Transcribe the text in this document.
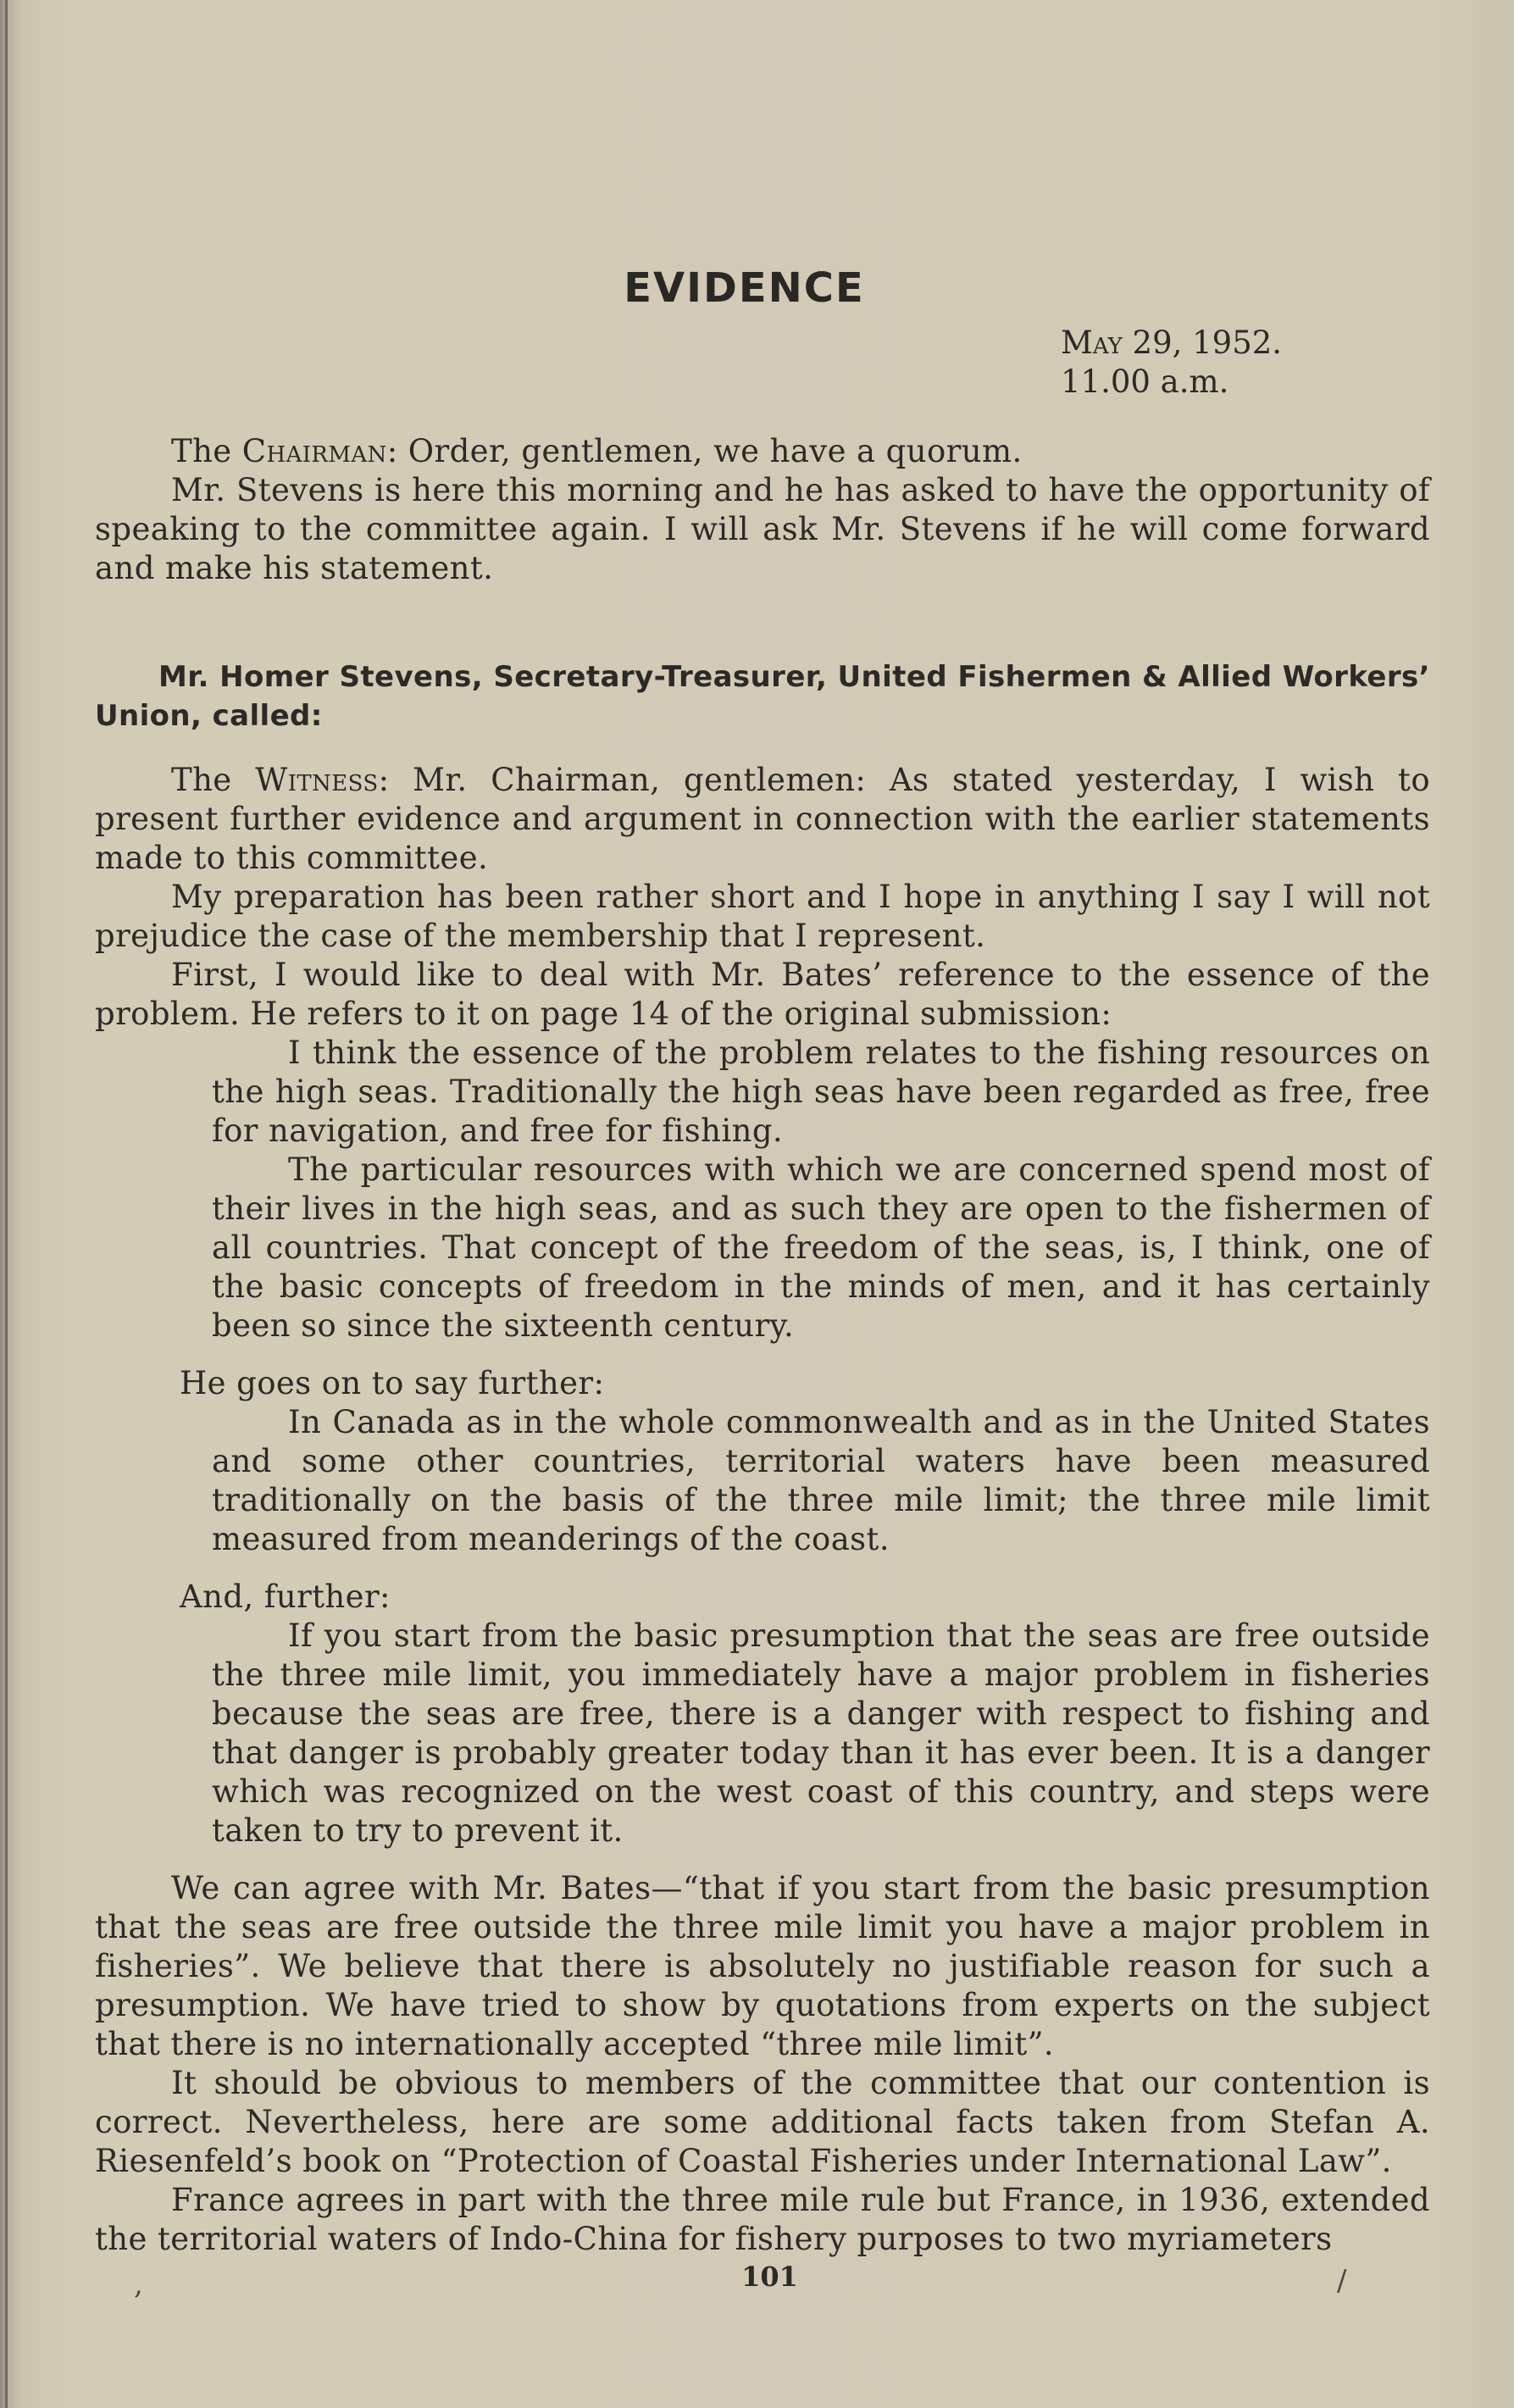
EVIDENCE
May 29, 1952.
11.00 a.m.

The Chairman: Order, gentlemen, we have a quorum.

Mr. Stevens is here this morning and he has asked to have the opportunity of speaking to the committee again. I will ask Mr. Stevens if he will come forward and make his statement.

Mr. Homer Stevens, Secretary-Treasurer, United Fishermen & Allied Workers’ Union, called:

The Witness: Mr. Chairman, gentlemen: As stated yesterday, I wish to present further evidence and argument in connection with the earlier statements made to this committee.

My preparation has been rather short and I hope in anything I say I will not prejudice the case of the membership that I represent.

First, I would like to deal with Mr. Bates’ reference to the essence of the problem. He refers to it on page 14 of the original submission:

I think the essence of the problem relates to the fishing resources on the high seas. Traditionally the high seas have been regarded as free, free for navigation, and free for fishing.

The particular resources with which we are concerned spend most of their lives in the high seas, and as such they are open to the fishermen of all countries. That concept of the freedom of the seas, is, I think, one of the basic concepts of freedom in the minds of men, and it has certainly been so since the sixteenth century.

He goes on to say further:

In Canada as in the whole commonwealth and as in the United States and some other countries, territorial waters have been measured traditionally on the basis of the three mile limit; the three mile limit measured from meanderings of the coast.

And, further:

If you start from the basic presumption that the seas are free outside the three mile limit, you immediately have a major problem in fisheries because the seas are free, there is a danger with respect to fishing and that danger is probably greater today than it has ever been. It is a danger which was recognized on the west coast of this country, and steps were taken to try to prevent it.

We can agree with Mr. Bates—“that if you start from the basic presumption that the seas are free outside the three mile limit you have a major problem in fisheries”. We believe that there is absolutely no justifiable reason for such a presumption. We have tried to show by quotations from experts on the subject that there is no internationally accepted “three mile limit”.

It should be obvious to members of the committee that our contention is correct. Nevertheless, here are some additional facts taken from Stefan A. Riesenfeld’s book on “Protection of Coastal Fisheries under International Law”.

France agrees in part with the three mile rule but France, in 1936, extended the territorial waters of Indo-China for fishery purposes to two myriameters

101
,	/
